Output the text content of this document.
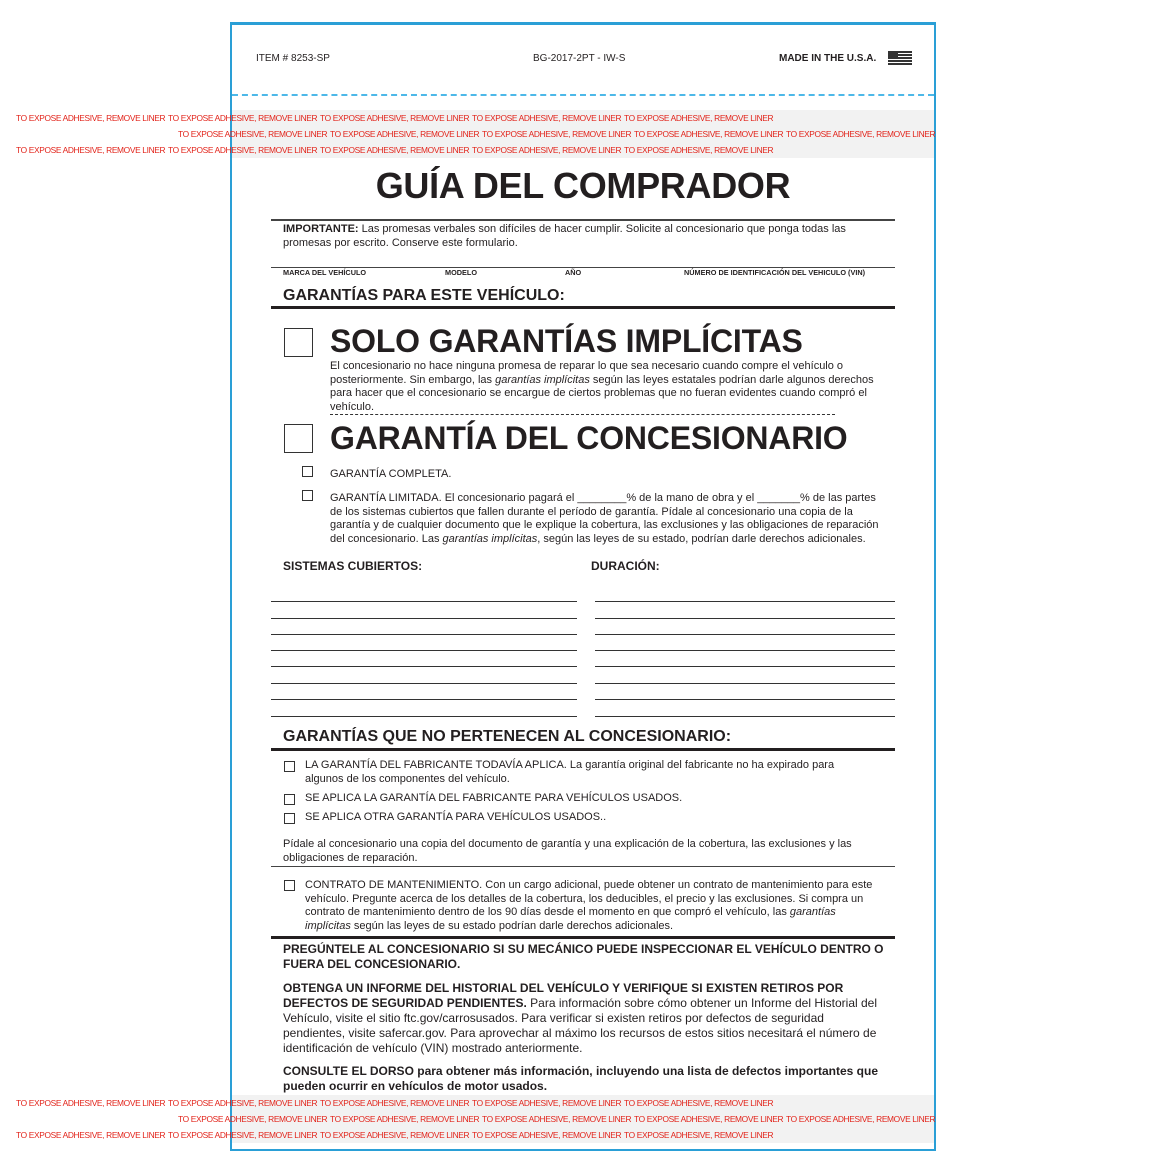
ITEM # 8253-SP	BG-2017-2PT - IW-S	MADE IN THE U.S.A.
TO EXPOSE ADHESIVE, REMOVE LINER TO EXPOSE ADHESIVE, REMOVE LINER TO EXPOSE ADHESIVE, REMOVE LINER TO EXPOSE ADHESIVE, REMOVE LINER TO EXPOSE ADHESIVE, REMOVE LINER
TO EXPOSE ADHESIVE, REMOVE LINER TO EXPOSE ADHESIVE, REMOVE LINER TO EXPOSE ADHESIVE, REMOVE LINER TO EXPOSE ADHESIVE, REMOVE LINER TO EXPOSE ADHESIVE, REMOVE LINER
TO EXPOSE ADHESIVE, REMOVE LINER TO EXPOSE ADHESIVE, REMOVE LINER TO EXPOSE ADHESIVE, REMOVE LINER TO EXPOSE ADHESIVE, REMOVE LINER TO EXPOSE ADHESIVE, REMOVE LINER
GUÍA DEL COMPRADOR
IMPORTANTE: Las promesas verbales son difíciles de hacer cumplir. Solicite al concesionario que ponga todas las promesas por escrito. Conserve este formulario.
MARCA DEL VEHÍCULO	MODELO	AÑO	NÚMERO DE IDENTIFICACIÓN DEL VEHICULO (VIN)
GARANTÍAS PARA ESTE VEHÍCULO:
SOLO GARANTÍAS IMPLÍCITAS
El concesionario no hace ninguna promesa de reparar lo que sea necesario cuando compre el vehículo o posteriormente. Sin embargo, las garantías implícitas según las leyes estatales podrían darle algunos derechos para hacer que el concesionario se encargue de ciertos problemas que no fueran evidentes cuando compró el vehículo.
GARANTÍA DEL CONCESIONARIO
GARANTÍA COMPLETA.
GARANTÍA LIMITADA. El concesionario pagará el ________% de la mano de obra y el _______% de las partes de los sistemas cubiertos que fallen durante el período de garantía. Pídale al concesionario una copia de la garantía y de cualquier documento que le explique la cobertura, las exclusiones y las obligaciones de reparación del concesionario. Las garantías implícitas, según las leyes de su estado, podrían darle derechos adicionales.
SISTEMAS CUBIERTOS:	DURACIÓN:
GARANTÍAS QUE NO PERTENECEN AL CONCESIONARIO:
LA GARANTÍA DEL FABRICANTE TODAVÍA APLICA. La garantía original del fabricante no ha expirado para algunos de los componentes del vehículo.
SE APLICA LA GARANTÍA DEL FABRICANTE PARA VEHÍCULOS USADOS.
SE APLICA OTRA GARANTÍA PARA VEHÍCULOS USADOS..
Pídale al concesionario una copia del documento de garantía y una explicación de la cobertura, las exclusiones y las obligaciones de reparación.
CONTRATO DE MANTENIMIENTO. Con un cargo adicional, puede obtener un contrato de mantenimiento para este vehículo. Pregunte acerca de los detalles de la cobertura, los deducibles, el precio y las exclusiones. Si compra un contrato de mantenimiento dentro de los 90 días desde el momento en que compró el vehículo, las garantías implícitas según las leyes de su estado podrían darle derechos adicionales.
PREGÚNTELE AL CONCESIONARIO SI SU MECÁNICO PUEDE INSPECCIONAR EL VEHÍCULO DENTRO O FUERA DEL CONCESIONARIO.
OBTENGA UN INFORME DEL HISTORIAL DEL VEHÍCULO Y VERIFIQUE SI EXISTEN RETIROS POR DEFECTOS DE SEGURIDAD PENDIENTES. Para información sobre cómo obtener un Informe del Historial del Vehículo, visite el sitio ftc.gov/carrosusados. Para verificar si existen retiros por defectos de seguridad pendientes, visite safercar.gov. Para aprovechar al máximo los recursos de estos sitios necesitará el número de identificación de vehículo (VIN) mostrado anteriormente.
CONSULTE EL DORSO para obtener más información, incluyendo una lista de defectos importantes que pueden ocurrir en vehículos de motor usados.
TO EXPOSE ADHESIVE, REMOVE LINER TO EXPOSE ADHESIVE, REMOVE LINER TO EXPOSE ADHESIVE, REMOVE LINER TO EXPOSE ADHESIVE, REMOVE LINER TO EXPOSE ADHESIVE, REMOVE LINER
TO EXPOSE ADHESIVE, REMOVE LINER TO EXPOSE ADHESIVE, REMOVE LINER TO EXPOSE ADHESIVE, REMOVE LINER TO EXPOSE ADHESIVE, REMOVE LINER TO EXPOSE ADHESIVE, REMOVE LINER
TO EXPOSE ADHESIVE, REMOVE LINER TO EXPOSE ADHESIVE, REMOVE LINER TO EXPOSE ADHESIVE, REMOVE LINER TO EXPOSE ADHESIVE, REMOVE LINER TO EXPOSE ADHESIVE, REMOVE LINER
